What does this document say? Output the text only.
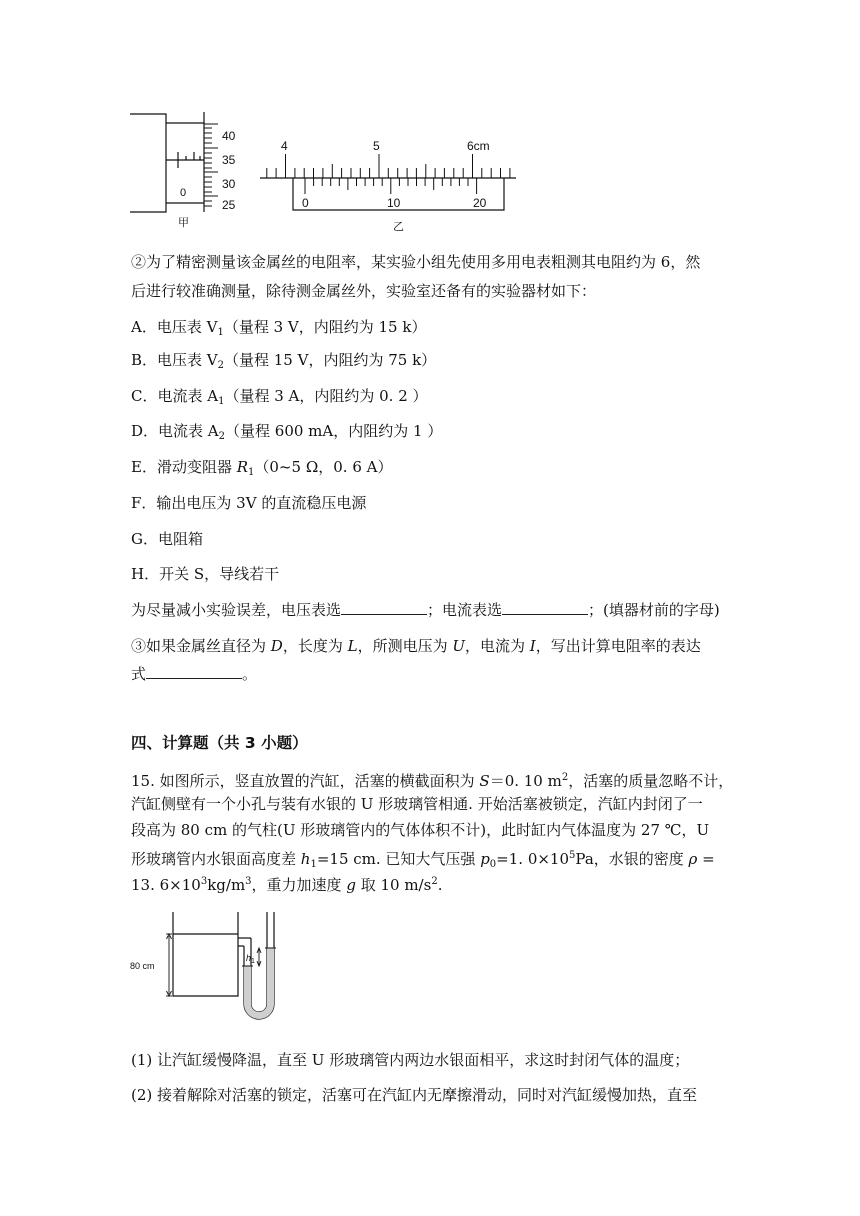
40
35
30
25
0
甲
4	5	6cm
0	10	20
乙
②为了精密测量该金属丝的电阻率，某实验小组先使用多用电表粗测其电阻约为 6，然
后进行较准确测量，除待测金属丝外，实验室还备有的实验器材如下：
A．电压表 $V_1$（量程 3 V，内阻约为 15 k）
B．电压表 $V_2$（量程 15 V，内阻约为 75 k）
C．电流表 $A_1$（量程 3 A，内阻约为 0. 2 ）
D．电流表 $A_2$（量程 600 mA，内阻约为 1 ）
E．滑动变阻器 $R_1(0\sim 5$ Ω，0. 6 A）
F．输出电压为 3V 的直流稳压电源
G．电阻箱
H．开关 S，导线若干
为尽量减小实验误差，电压表选	；电流表选	；(填器材前的字母)
③如果金属丝直径为 D，长度为 L，所测电压为 U，电流为 I，写出计算电阻率的表达
式	。
四、计算题（共 3 小题）
15. 如图所示，竖直放置的汽缸，活塞的横截面积为 S＝0. 10 $m^2$，活塞的质量忽略不计，
汽缸侧壁有一个小孔与装有水银的 U 形玻璃管相通. 开始活塞被锁定，汽缸内封闭了一
段高为 80 cm 的气柱(U 形玻璃管内的气体体积不计)，此时缸内气体温度为 27 ℃，U
形玻璃管内水银面高度差 $h_1=15$ cm. 已知大气压强 $p_0=1$. $0\times 10^5Pa$，水银的密度 ρ =
13. $6\times 10^3kg/m^3$，重力加速度 g 取 10 $m/s^2$.
80 cm
$h_1$
(1) 让汽缸缓慢降温，直至 U 形玻璃管内两边水银面相平，求这时封闭气体的温度；
(2) 接着解除对活塞的锁定，活塞可在汽缸内无摩擦滑动，同时对汽缸缓慢加热，直至
